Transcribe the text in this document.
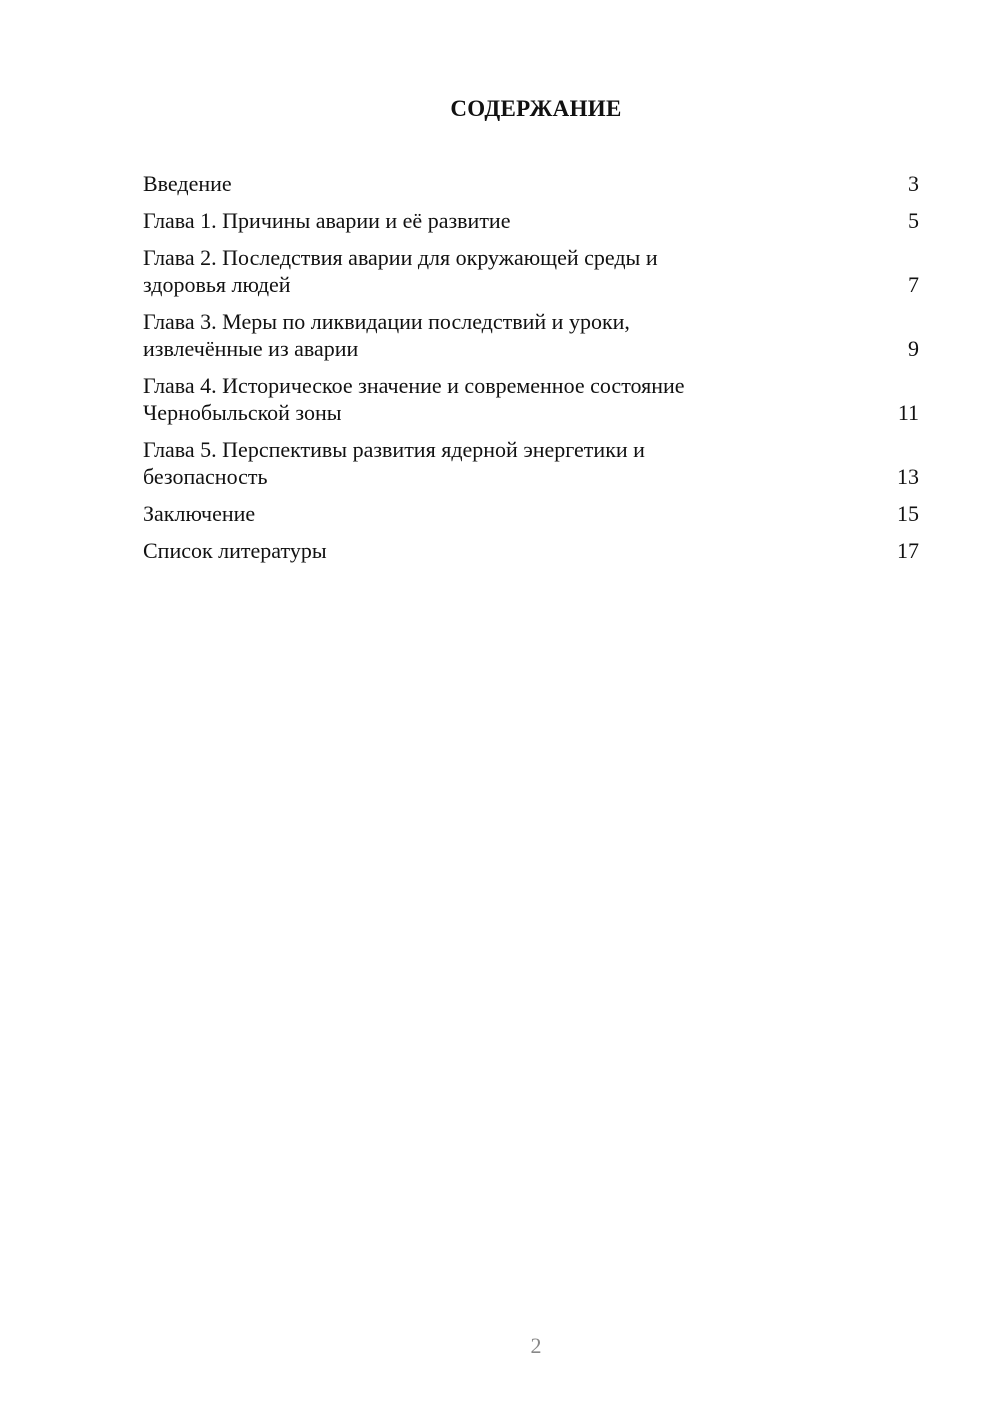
СОДЕРЖАНИЕ
Введение	3
Глава 1. Причины аварии и её развитие	5
Глава 2. Последствия аварии для окружающей среды и
здоровья людей	7
Глава 3. Меры по ликвидации последствий и уроки,
извлечённые из аварии	9
Глава 4. Историческое значение и современное состояние
Чернобыльской зоны	11
Глава 5. Перспективы развития ядерной энергетики и
безопасность	13
Заключение	15
Список литературы	17
2
